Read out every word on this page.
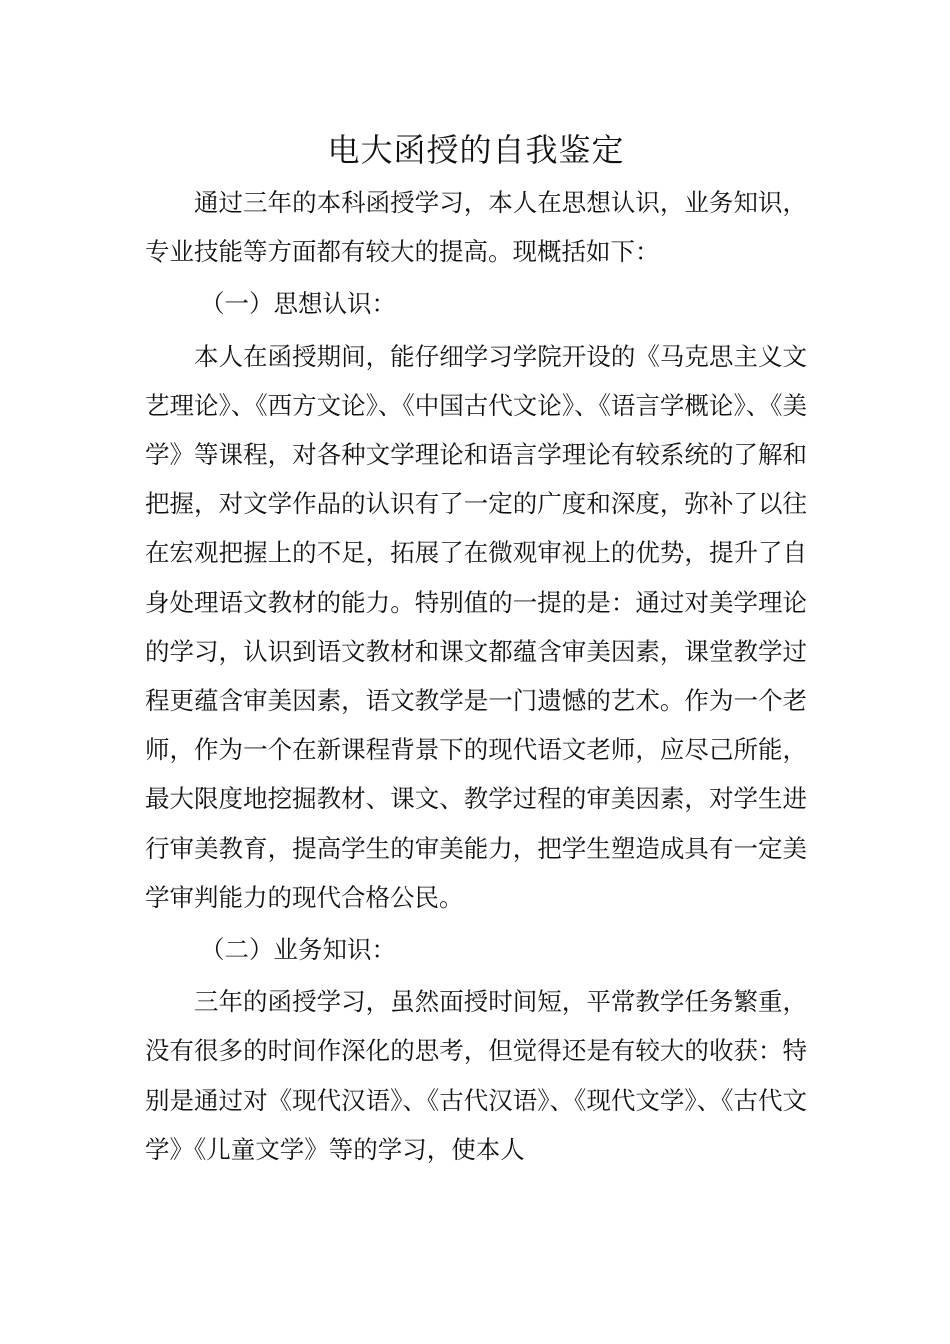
电大函授的自我鉴定

通过三年的本科函授学习，本人在思想认识，业务知识，专业技能等方面都有较大的提高。现概括如下：

（一）思想认识：

本人在函授期间，能仔细学习学院开设的《马克思主义文艺理论》、《西方文论》、《中国古代文论》、《语言学概论》、《美学》等课程，对各种文学理论和语言学理论有较系统的了解和把握，对文学作品的认识有了一定的广度和深度，弥补了以往在宏观把握上的不足，拓展了在微观审视上的优势，提升了自身处理语文教材的能力。特别值的一提的是：通过对美学理论的学习，认识到语文教材和课文都蕴含审美因素，课堂教学过程更蕴含审美因素，语文教学是一门遗憾的艺术。作为一个老师，作为一个在新课程背景下的现代语文老师，应尽己所能，最大限度地挖掘教材、课文、教学过程的审美因素，对学生进行审美教育，提高学生的审美能力，把学生塑造成具有一定美学审判能力的现代合格公民。

（二）业务知识：

三年的函授学习，虽然面授时间短，平常教学任务繁重，没有很多的时间作深化的思考，但觉得还是有较大的收获：特别是通过对《现代汉语》、《古代汉语》、《现代文学》、《古代文学》《儿童文学》等的学习，使本人
